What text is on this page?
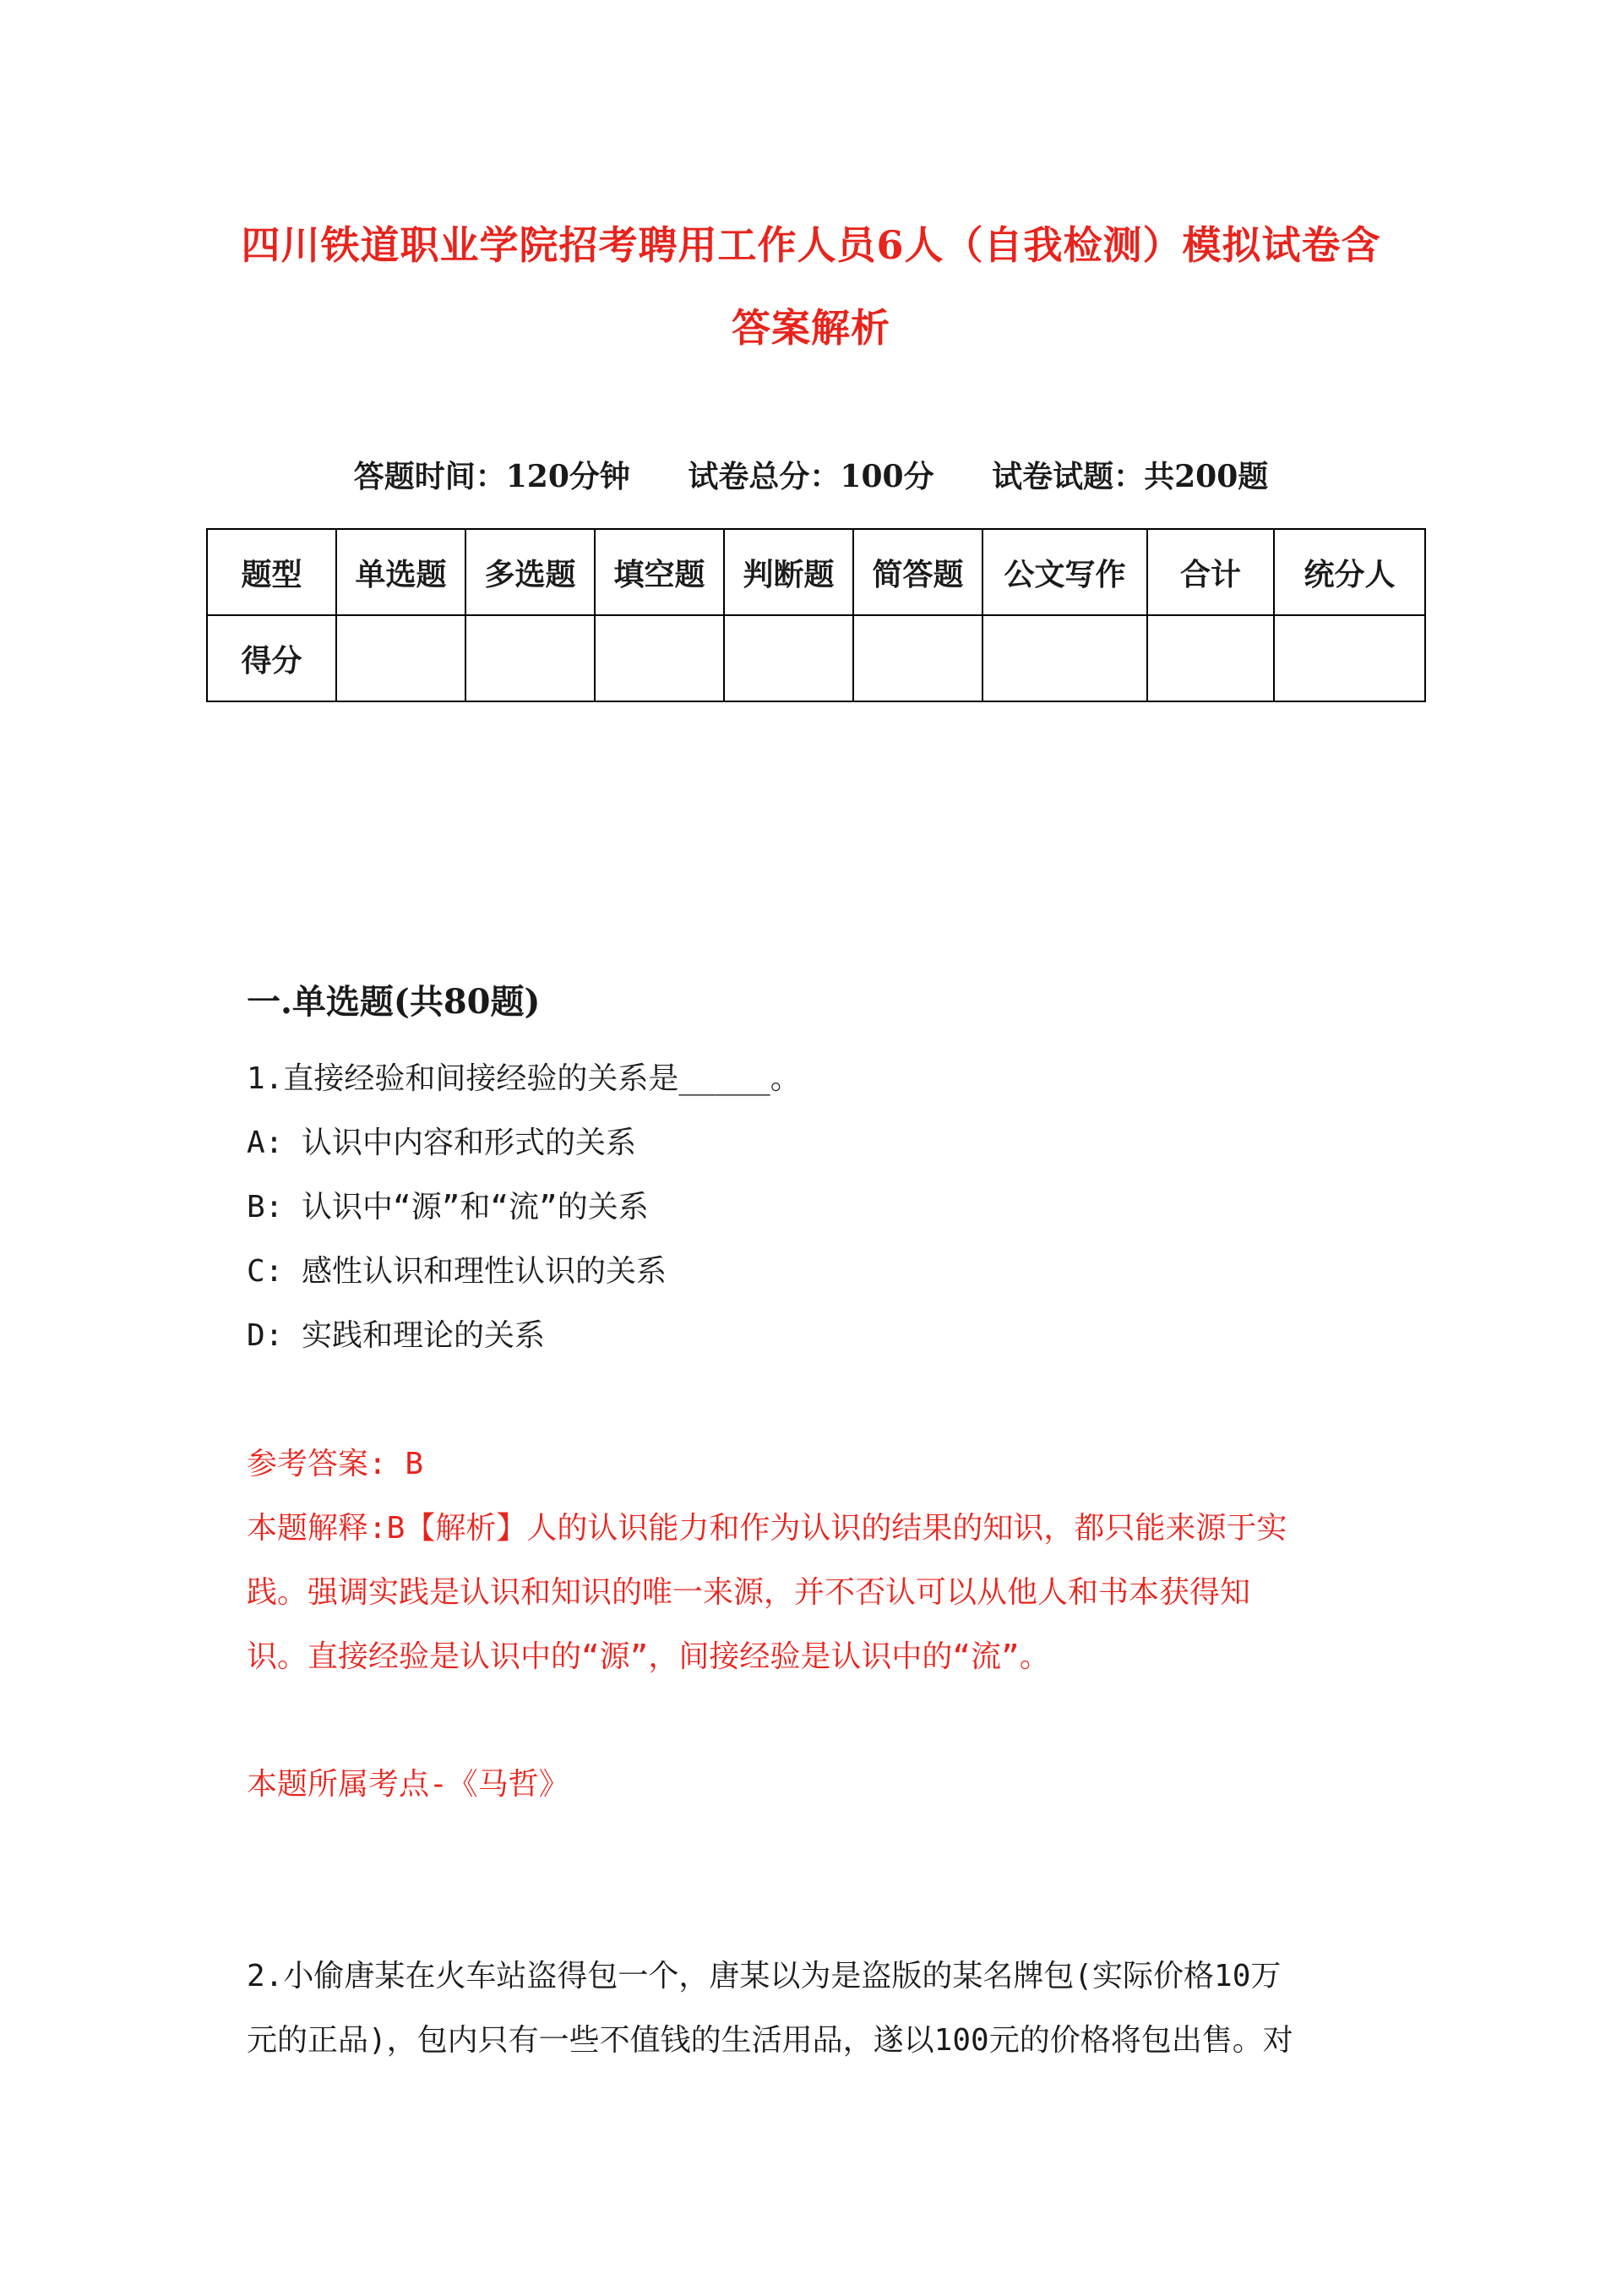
四川铁道职业学院招考聘用工作人员6人（自我检测）模拟试卷含
答案解析
答题时间：120分钟 试卷总分：100分 试卷试题：共200题
题型	单选题	多选题	填空题	判断题	简答题	公文写作	合计	统分人
得分								
一.单选题(共80题)
1.直接经验和间接经验的关系是_____。
A: 认识中内容和形式的关系
B: 认识中“源”和“流”的关系
C: 感性认识和理性认识的关系
D: 实践和理论的关系
参考答案: B
本题解释:B【解析】人的认识能力和作为认识的结果的知识，都只能来源于实
践。强调实践是认识和知识的唯一来源，并不否认可以从他人和书本获得知
识。直接经验是认识中的“源”，间接经验是认识中的“流”。
本题所属考点-《马哲》
2.小偷唐某在火车站盗得包一个，唐某以为是盗版的某名牌包(实际价格10万
元的正品)，包内只有一些不值钱的生活用品，遂以100元的价格将包出售。对
